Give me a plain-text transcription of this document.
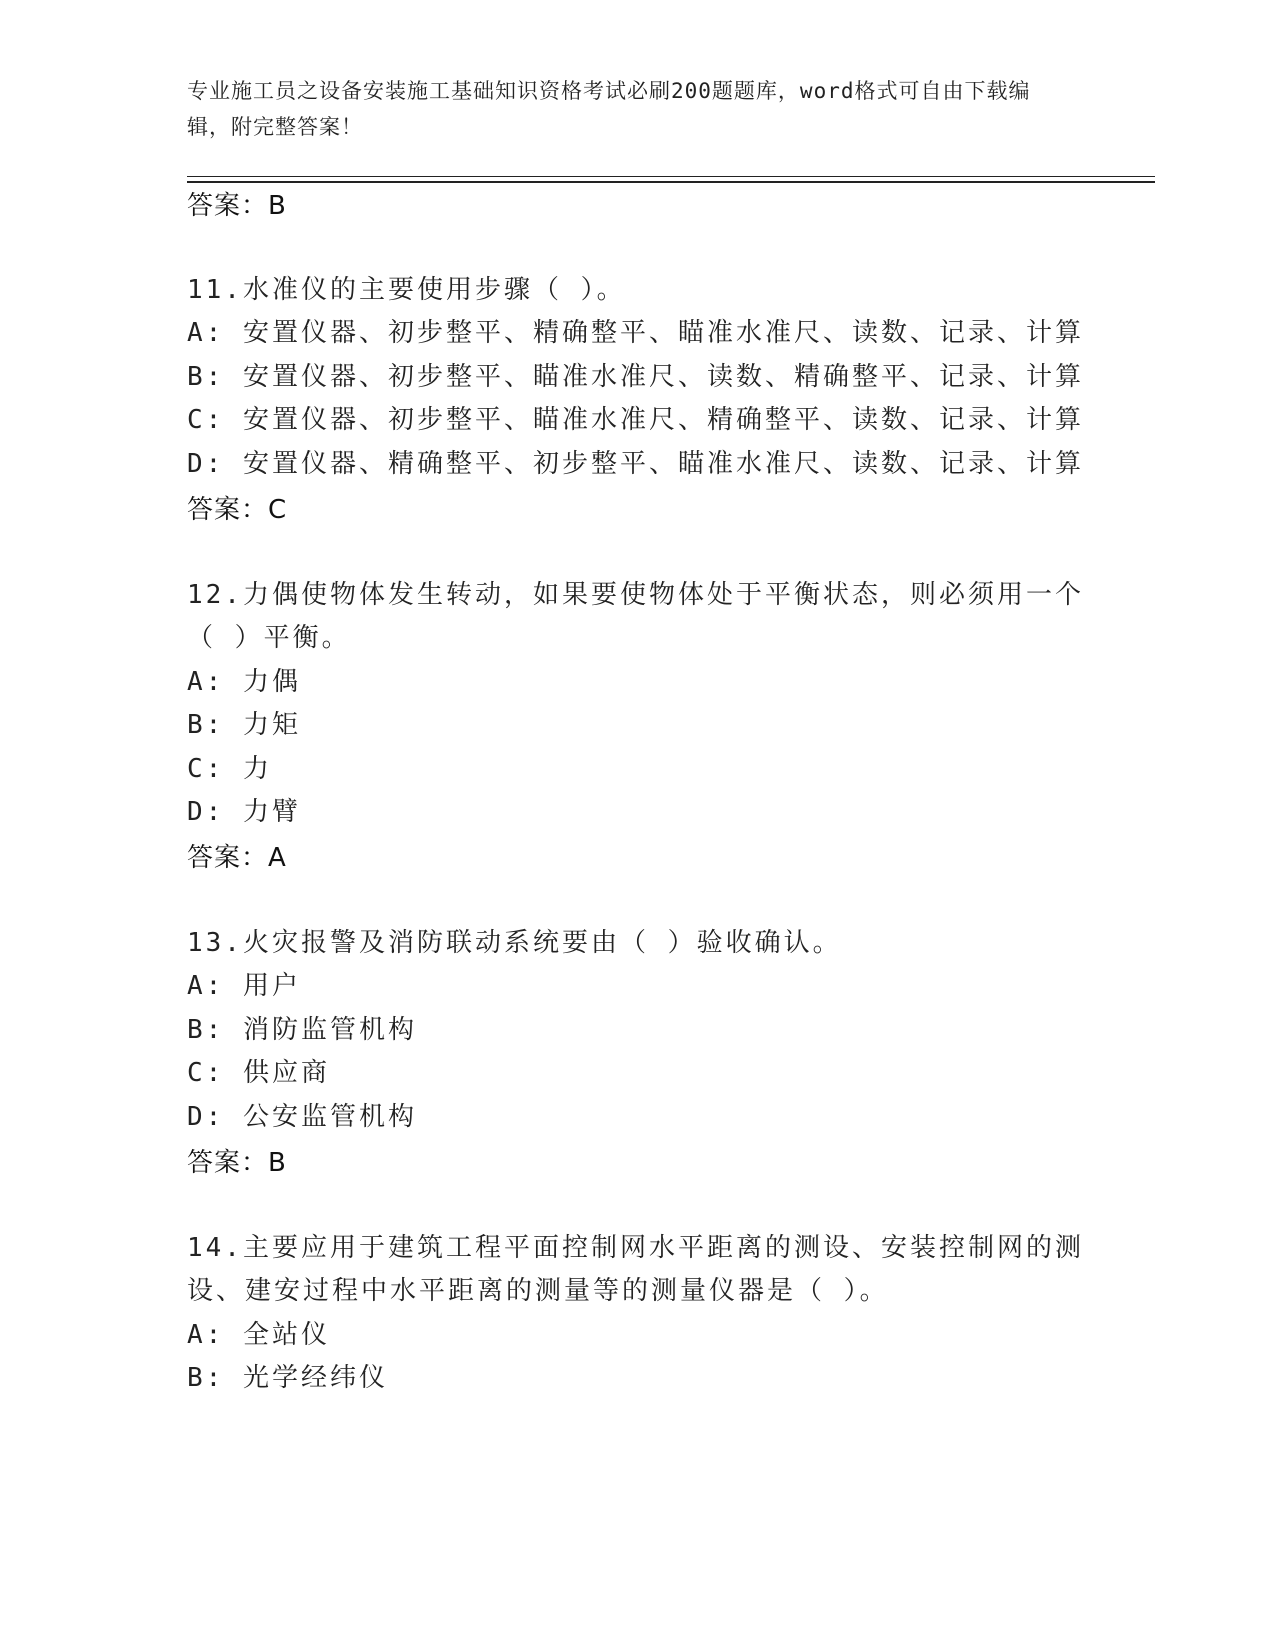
专业施工员之设备安装施工基础知识资格考试必刷200题题库，word格式可自由下载编辑，附完整答案！
答案：B
11.水准仪的主要使用步骤（ ）。
A: 安置仪器、初步整平、精确整平、瞄准水准尺、读数、记录、计算
B: 安置仪器、初步整平、瞄准水准尺、读数、精确整平、记录、计算
C: 安置仪器、初步整平、瞄准水准尺、精确整平、读数、记录、计算
D: 安置仪器、精确整平、初步整平、瞄准水准尺、读数、记录、计算
答案：C
12.力偶使物体发生转动，如果要使物体处于平衡状态，则必须用一个
（ ）平衡。
A: 力偶
B: 力矩
C: 力
D: 力臂
答案：A
13.火灾报警及消防联动系统要由（ ）验收确认。
A: 用户
B: 消防监管机构
C: 供应商
D: 公安监管机构
答案：B
14.主要应用于建筑工程平面控制网水平距离的测设、安装控制网的测
设、建安过程中水平距离的测量等的测量仪器是（ ）。
A: 全站仪
B: 光学经纬仪
